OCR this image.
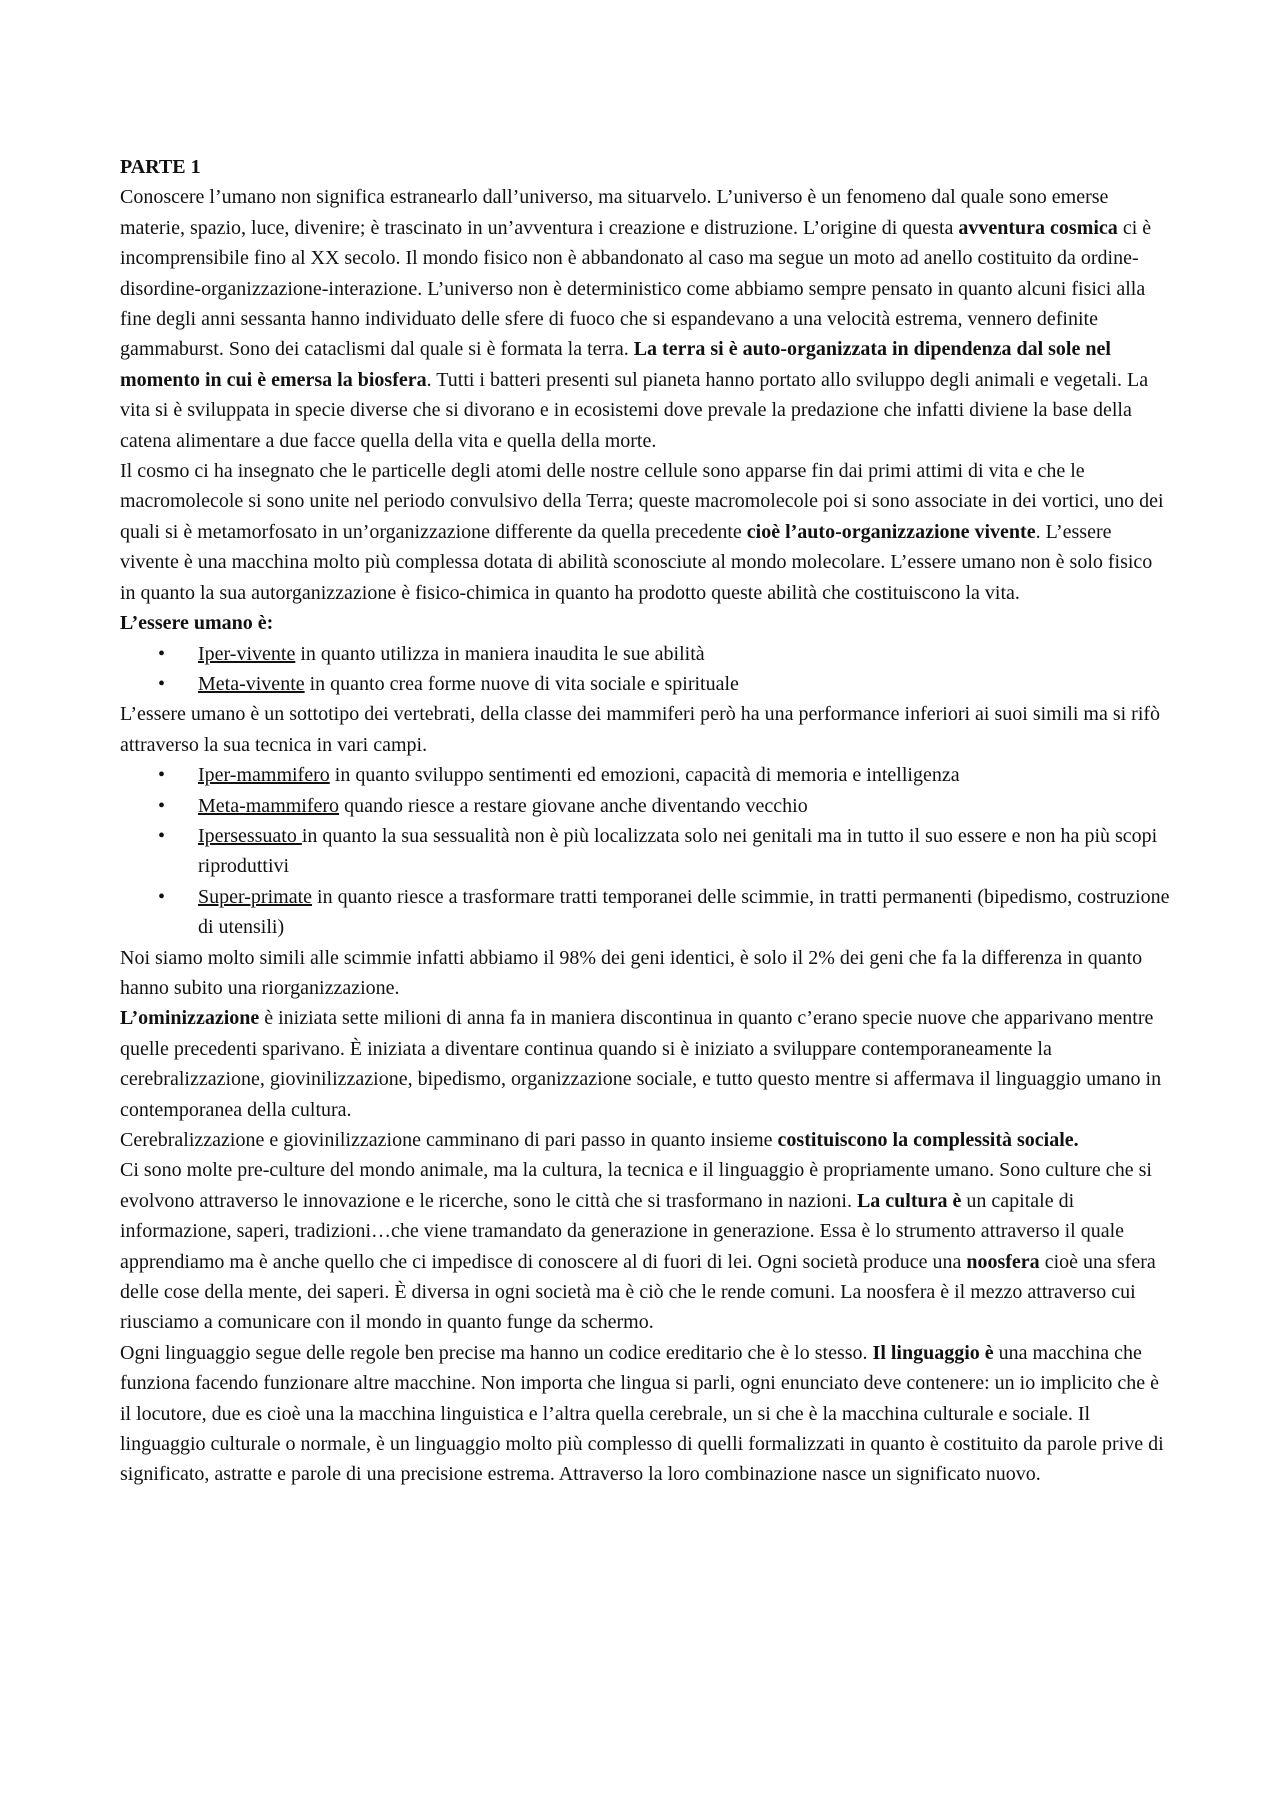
PARTE 1

Conoscere l’umano non significa estranearlo dall’universo, ma situarvelo. L’universo è un fenomeno dal quale sono emerse materie, spazio, luce, divenire; è trascinato in un’avventura i creazione e distruzione. L’origine di questa avventura cosmica ci è incomprensibile fino al XX secolo. Il mondo fisico non è abbandonato al caso ma segue un moto ad anello costituito da ordine-disordine-organizzazione-interazione. L’universo non è deterministico come abbiamo sempre pensato in quanto alcuni fisici alla fine degli anni sessanta hanno individuato delle sfere di fuoco che si espandevano a una velocità estrema, vennero definite gammaburst. Sono dei cataclismi dal quale si è formata la terra. La terra si è auto-organizzata in dipendenza dal sole nel momento in cui è emersa la biosfera. Tutti i batteri presenti sul pianeta hanno portato allo sviluppo degli animali e vegetali. La vita si è sviluppata in specie diverse che si divorano e in ecosistemi dove prevale la predazione che infatti diviene la base della catena alimentare a due facce quella della vita e quella della morte.

Il cosmo ci ha insegnato che le particelle degli atomi delle nostre cellule sono apparse fin dai primi attimi di vita e che le macromolecole si sono unite nel periodo convulsivo della Terra; queste macromolecole poi si sono associate in dei vortici, uno dei quali si è metamorfosato in un’organizzazione differente da quella precedente cioè l’auto-organizzazione vivente. L’essere vivente è una macchina molto più complessa dotata di abilità sconosciute al mondo molecolare. L’essere umano non è solo fisico in quanto la sua autorganizzazione è fisico-chimica in quanto ha prodotto queste abilità che costituiscono la vita.

L’essere umano è:

• Iper-vivente in quanto utilizza in maniera inaudita le sue abilità
• Meta-vivente in quanto crea forme nuove di vita sociale e spirituale

L’essere umano è un sottotipo dei vertebrati, della classe dei mammiferi però ha una performance inferiori ai suoi simili ma si rifò attraverso la sua tecnica in vari campi.

• Iper-mammifero in quanto sviluppo sentimenti ed emozioni, capacità di memoria e intelligenza
• Meta-mammifero quando riesce a restare giovane anche diventando vecchio
• Ipersessuato in quanto la sua sessualità non è più localizzata solo nei genitali ma in tutto il suo essere e non ha più scopi riproduttivi
• Super-primate in quanto riesce a trasformare tratti temporanei delle scimmie, in tratti permanenti (bipedismo, costruzione di utensili)

Noi siamo molto simili alle scimmie infatti abbiamo il 98% dei geni identici, è solo il 2% dei geni che fa la differenza in quanto hanno subito una riorganizzazione.

L’ominizzazione è iniziata sette milioni di anna fa in maniera discontinua in quanto c’erano specie nuove che apparivano mentre quelle precedenti sparivano. È iniziata a diventare continua quando si è iniziato a sviluppare contemporaneamente la cerebralizzazione, giovinilizzazione, bipedismo, organizzazione sociale, e tutto questo mentre si affermava il linguaggio umano in contemporanea della cultura.

Cerebralizzazione e giovinilizzazione camminano di pari passo in quanto insieme costituiscono la complessità sociale.

Ci sono molte pre-culture del mondo animale, ma la cultura, la tecnica e il linguaggio è propriamente umano. Sono culture che si evolvono attraverso le innovazione e le ricerche, sono le città che si trasformano in nazioni. La cultura è un capitale di informazione, saperi, tradizioni…che viene tramandato da generazione in generazione. Essa è lo strumento attraverso il quale apprendiamo ma è anche quello che ci impedisce di conoscere al di fuori di lei. Ogni società produce una noosfera cioè una sfera delle cose della mente, dei saperi. È diversa in ogni società ma è ciò che le rende comuni. La noosfera è il mezzo attraverso cui riusciamo a comunicare con il mondo in quanto funge da schermo.

Ogni linguaggio segue delle regole ben precise ma hanno un codice ereditario che è lo stesso. Il linguaggio è una macchina che funziona facendo funzionare altre macchine. Non importa che lingua si parli, ogni enunciato deve contenere: un io implicito che è il locutore, due es cioè una la macchina linguistica e l’altra quella cerebrale, un si che è la macchina culturale e sociale. Il linguaggio culturale o normale, è un linguaggio molto più complesso di quelli formalizzati in quanto è costituito da parole prive di significato, astratte e parole di una precisione estrema. Attraverso la loro combinazione nasce un significato nuovo.
